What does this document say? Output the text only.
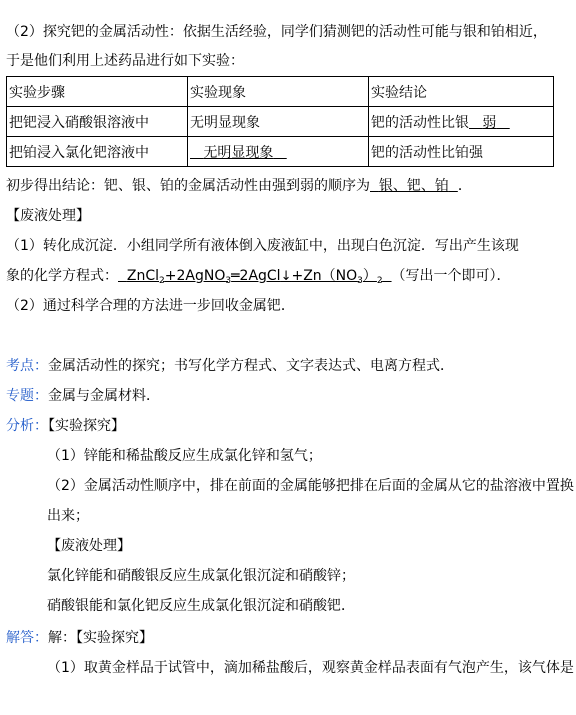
（2）探究钯的金属活动性：依据生活经验，同学们猜测钯的活动性可能与银和铂相近，
于是他们利用上述药品进行如下实验：
实验步骤	实验现象	实验结论
把钯浸入硝酸银溶液中	无明显现象	钯的活动性比银 弱
把铂浸入氯化钯溶液中	无明显现象	钯的活动性比铂强
初步得出结论：钯、银、铂的金属活动性由强到弱的顺序为 银、钯、铂 ．
【废液处理】
（1）转化成沉淀．小组同学所有液体倒入废液缸中，出现白色沉淀．写出产生该现
象的化学方程式： $ZnCl_2+2AgNO_3═2AgCl↓+Zn(NO_3)_2$ （写出一个即可）．
（2）通过科学合理的方法进一步回收金属钯．
考点：金属活动性的探究；书写化学方程式、文字表达式、电离方程式．
专题：金属与金属材料．
分析：【实验探究】
（1）锌能和稀盐酸反应生成氯化锌和氢气；
（2）金属活动性顺序中，排在前面的金属能够把排在后面的金属从它的盐溶液中置换
出来；
【废液处理】
氯化锌能和硝酸银反应生成氯化银沉淀和硝酸锌；
硝酸银能和氯化钯反应生成氯化银沉淀和硝酸钯．
解答：解：【实验探究】
（1）取黄金样品于试管中，滴加稀盐酸后，观察黄金样品表面有气泡产生，该气体是
